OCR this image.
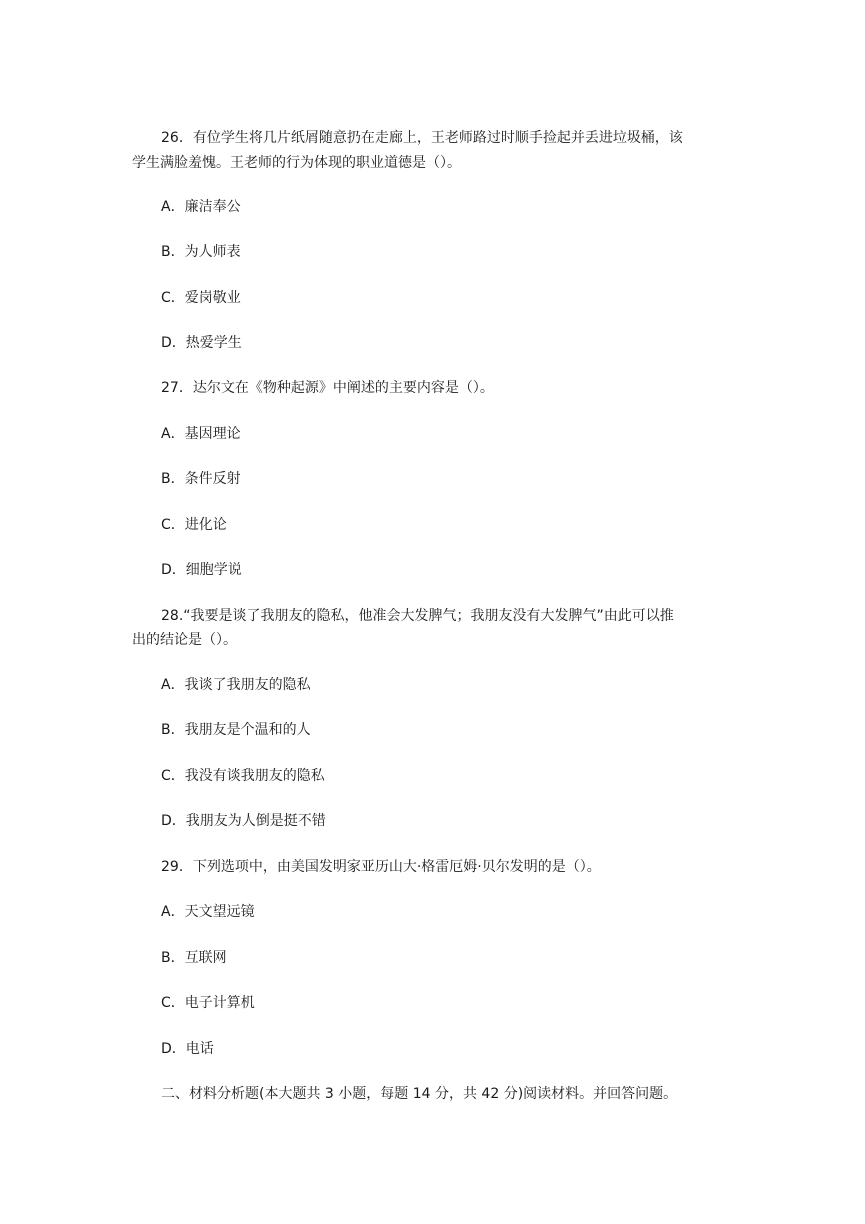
26．有位学生将几片纸屑随意扔在走廊上，王老师路过时顺手捡起并丢进垃圾桶，该
学生满脸羞愧。王老师的行为体现的职业道德是（）。
A．廉洁奉公
B．为人师表
C．爱岗敬业
D．热爱学生
27．达尔文在《物种起源》中阐述的主要内容是（）。
A．基因理论
B．条件反射
C．进化论
D．细胞学说
28.“我要是谈了我朋友的隐私，他准会大发脾气；我朋友没有大发脾气”由此可以推
出的结论是（）。
A．我谈了我朋友的隐私
B．我朋友是个温和的人
C．我没有谈我朋友的隐私
D．我朋友为人倒是挺不错
29．下列选项中，由美国发明家亚历山大·格雷厄姆·贝尔发明的是（）。
A．天文望远镜
B．互联网
C．电子计算机
D．电话
二、材料分析题(本大题共 3 小题，每题 14 分，共 42 分)阅读材料。并回答问题。
